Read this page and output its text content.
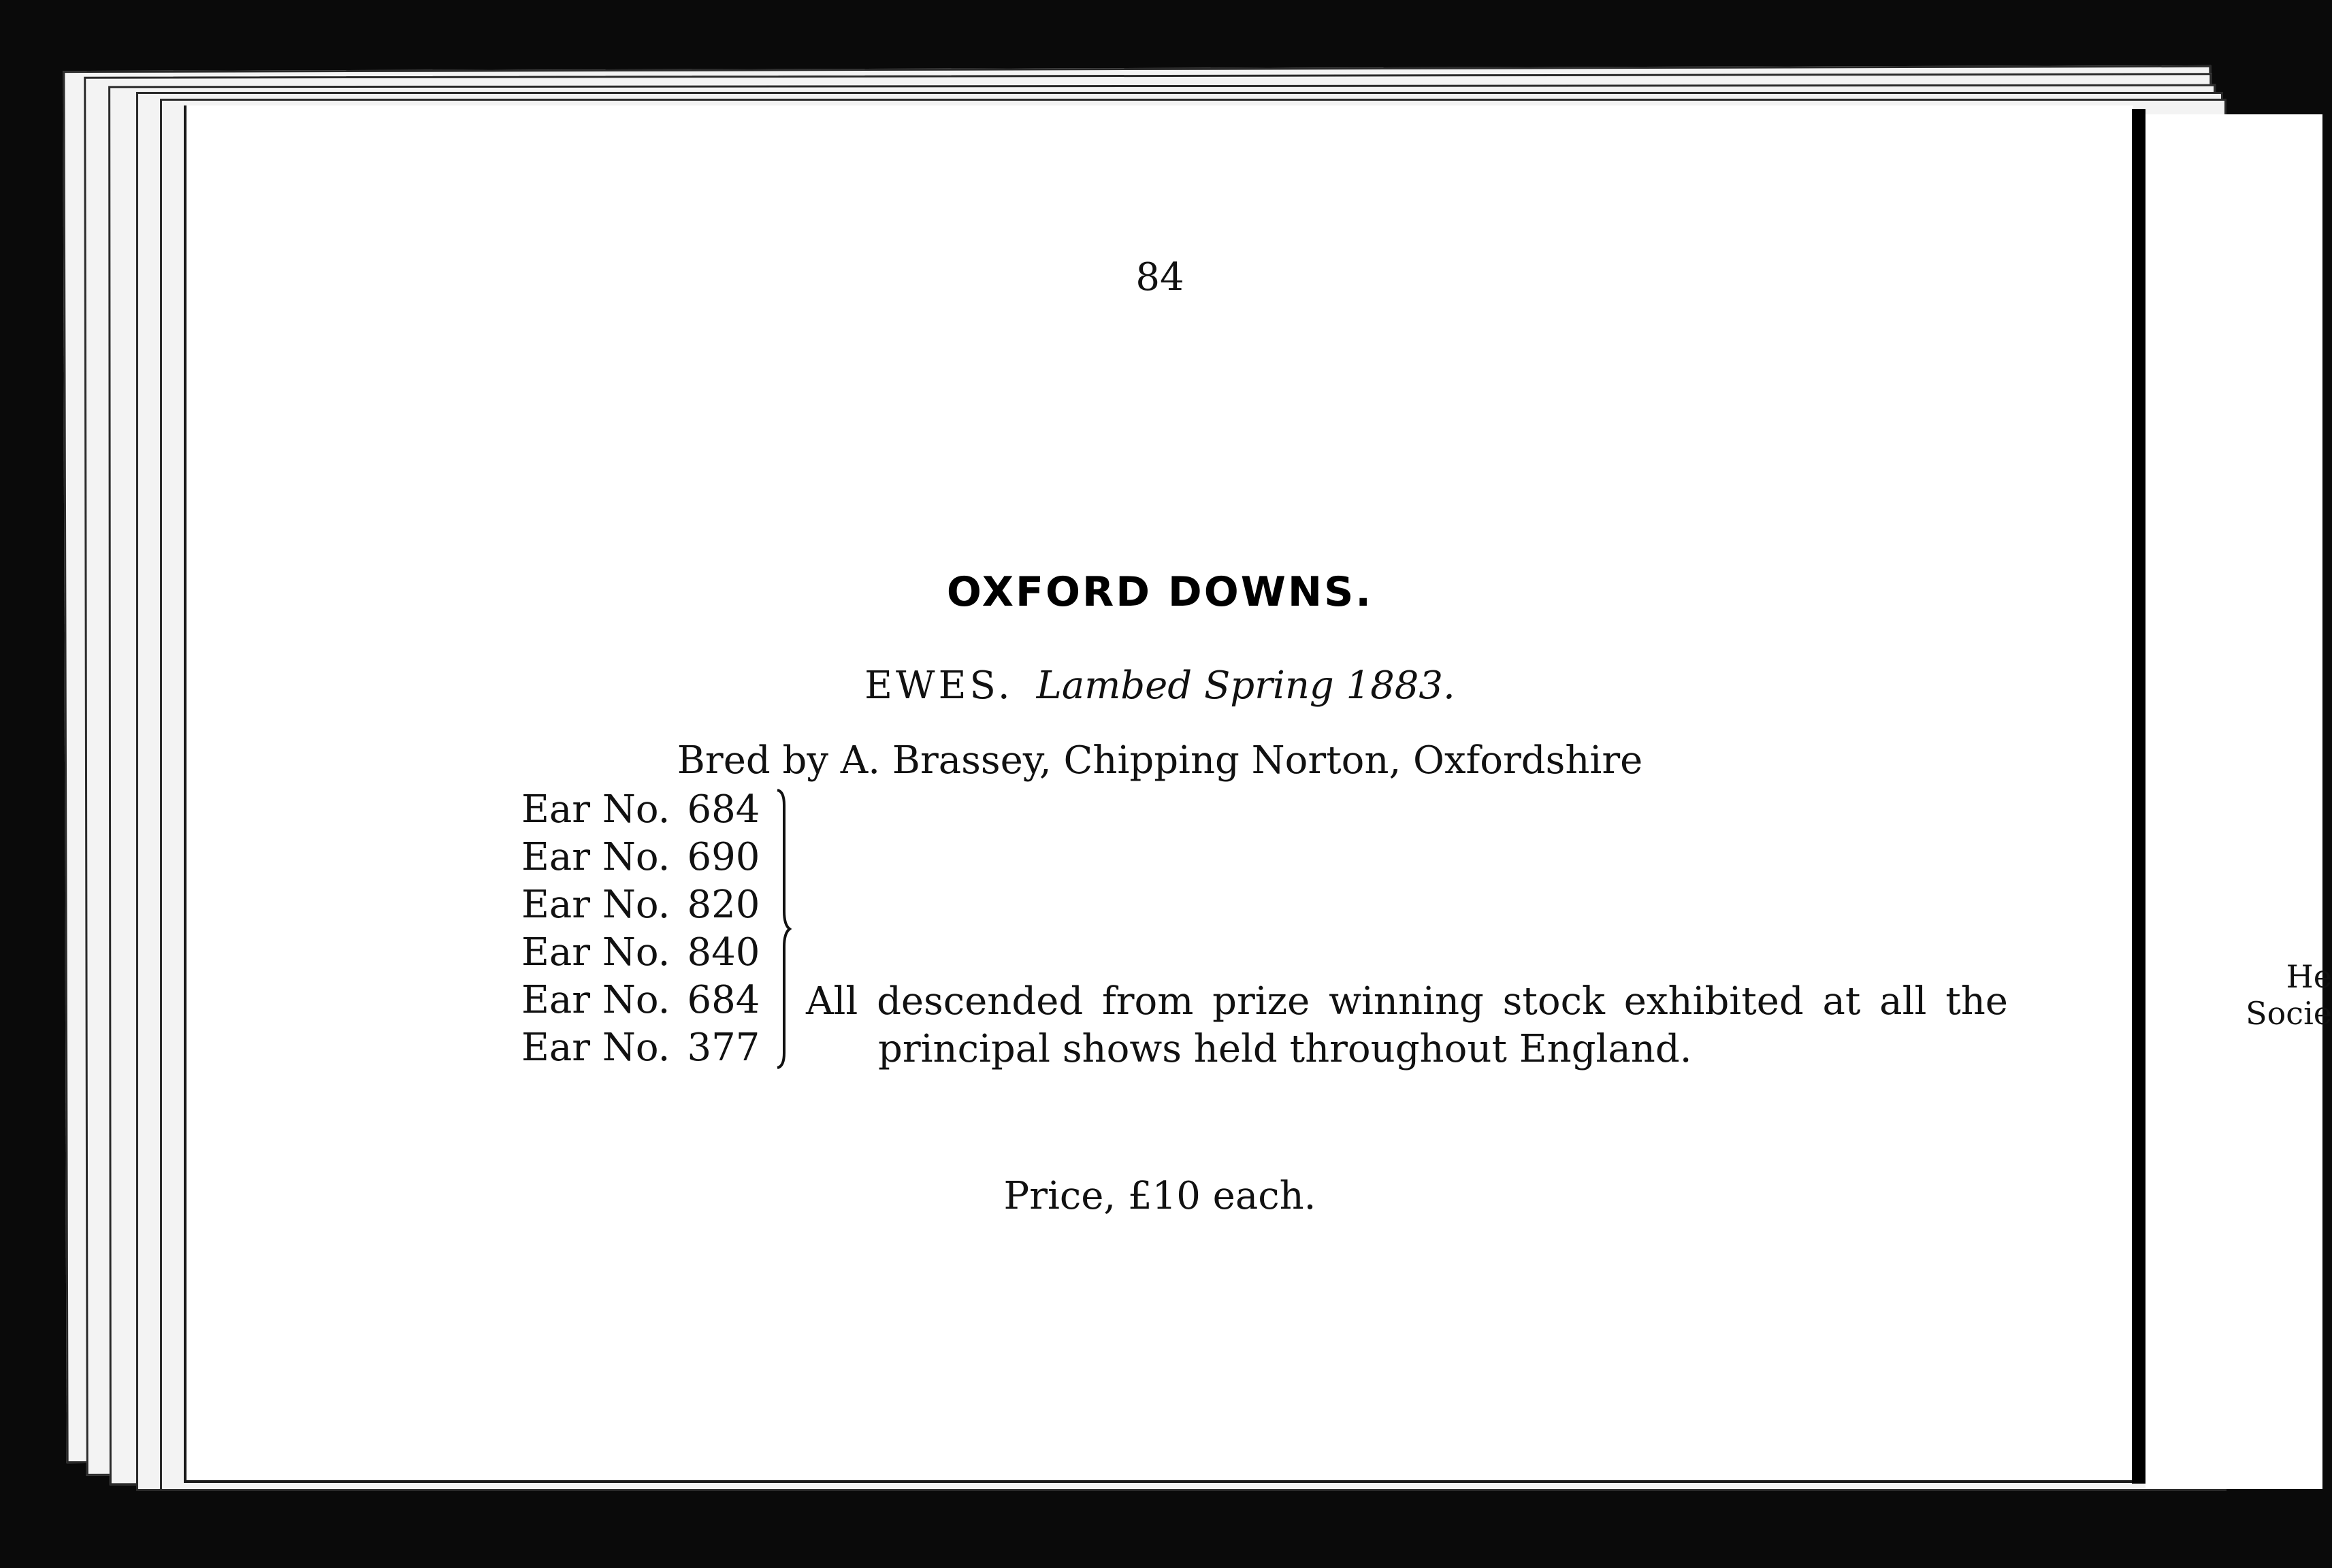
84
OXFORD DOWNS.
EWES. Lambed Spring 1883.
Bred by A. Brassey, Chipping Norton, Oxfordshire
Ear No. 684
Ear No. 690
Ear No. 820
Ear No. 840
Ear No. 684
Ear No. 377
All descended from prize winning stock exhibited at all the
principal shows held throughout England.
Price, £10 each.
He
Socie
